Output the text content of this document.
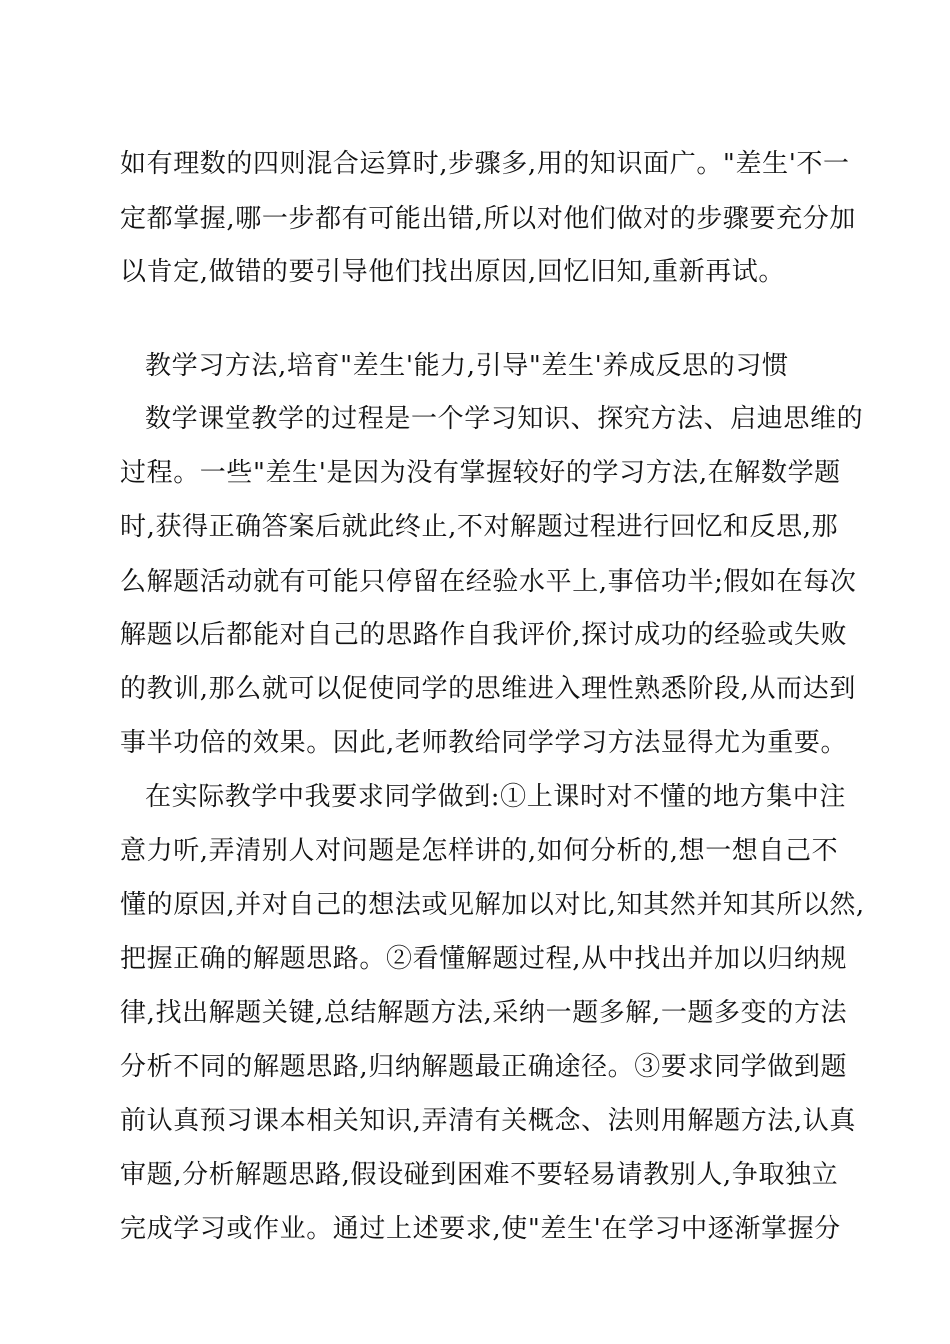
如有理数的四则混合运算时,步骤多,用的知识面广。"差生'不一
定都掌握,哪一步都有可能出错,所以对他们做对的步骤要充分加
以肯定,做错的要引导他们找出原因,回忆旧知,重新再试。
教学习方法,培育"差生'能力,引导"差生'养成反思的习惯
数学课堂教学的过程是一个学习知识、探究方法、启迪思维的
过程。一些"差生'是因为没有掌握较好的学习方法,在解数学题
时,获得正确答案后就此终止,不对解题过程进行回忆和反思,那
么解题活动就有可能只停留在经验水平上,事倍功半;假如在每次
解题以后都能对自己的思路作自我评价,探讨成功的经验或失败
的教训,那么就可以促使同学的思维进入理性熟悉阶段,从而达到
事半功倍的效果。因此,老师教给同学学习方法显得尤为重要。
在实际教学中我要求同学做到:①上课时对不懂的地方集中注
意力听,弄清别人对问题是怎样讲的,如何分析的,想一想自己不
懂的原因,并对自己的想法或见解加以对比,知其然并知其所以然,
把握正确的解题思路。②看懂解题过程,从中找出并加以归纳规
律,找出解题关键,总结解题方法,采纳一题多解,一题多变的方法
分析不同的解题思路,归纳解题最正确途径。③要求同学做到题
前认真预习课本相关知识,弄清有关概念、法则用解题方法,认真
审题,分析解题思路,假设碰到困难不要轻易请教别人,争取独立
完成学习或作业。通过上述要求,使"差生'在学习中逐渐掌握分
